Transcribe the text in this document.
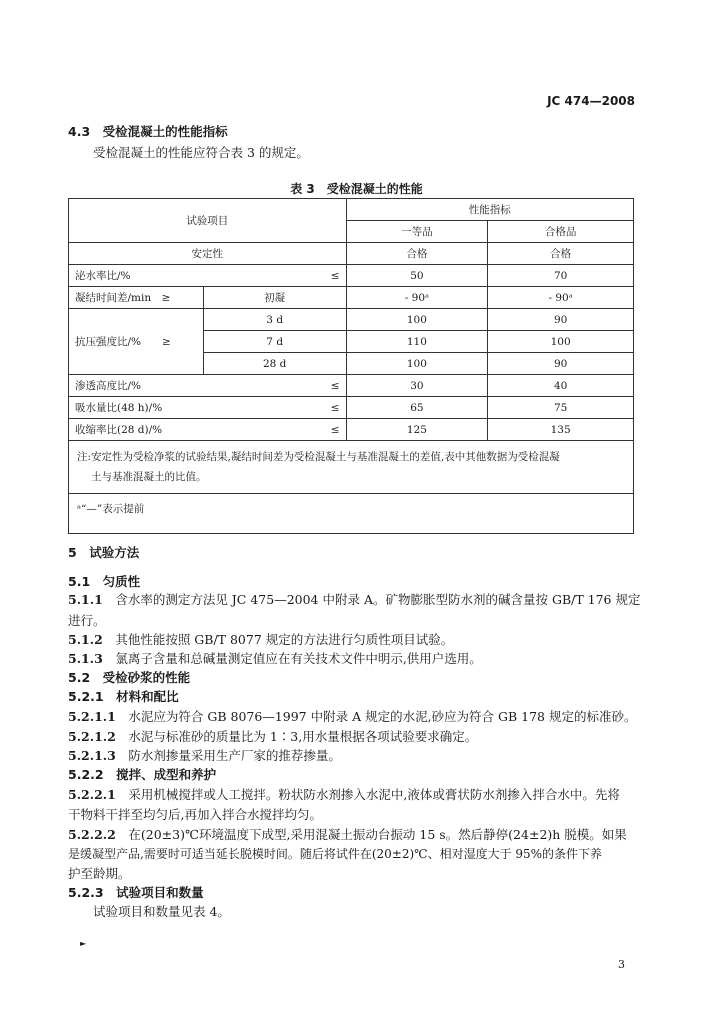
JC 474—2008
4.3　受检混凝土的性能指标
受检混凝土的性能应符合表 3 的规定。
表 3　受检混凝土的性能
试验项目		性能指标	
		一等品	合格品
安定性		合格	合格
泌水率比/%	≤	50	70
凝结时间差/min　≥	初凝	- 90ᵃ	- 90ᵃ
抗压强度比/%　　≥	3 d	100	90
	7 d	110	100
	28 d	100	90
渗透高度比/%	≤	30	40
吸水量比(48 h)/%	≤	65	75
收缩率比(28 d)/%	≤	125	135

注:安定性为受检净浆的试验结果,凝结时间差为受检混凝土与基准混凝土的差值,表中其他数据为受检混凝
土与基准混凝土的比值。			

ᵃ“—”表示提前			
5　试验方法
5.1　匀质性
5.1.1　 含水率的测定方法见 JC 475—2004 中附录 A。矿物膨胀型防水剂的碱含量按 GB/T 176 规定
进行。
5.1.2　 其他性能按照 GB/T 8077 规定的方法进行匀质性项目试验。
5.1.3　 氯离子含量和总碱量测定值应在有关技术文件中明示,供用户选用。
5.2　受检砂浆的性能
5.2.1　材料和配比
5.2.1.1　 水泥应为符合 GB 8076—1997 中附录 A 规定的水泥,砂应为符合 GB 178 规定的标准砂。
5.2.1.2　 水泥与标准砂的质量比为 1∶3,用水量根据各项试验要求确定。
5.2.1.3　 防水剂掺量采用生产厂家的推荐掺量。
5.2.2　搅拌、成型和养护
5.2.2.1　 采用机械搅拌或人工搅拌。粉状防水剂掺入水泥中,液体或膏状防水剂掺入拌合水中。先将
干物料干拌至均匀后,再加入拌合水搅拌均匀。
5.2.2.2　 在(20±3)℃环境温度下成型,采用混凝土振动台振动 15 s。然后静停(24±2)h 脱模。如果
是缓凝型产品,需要时可适当延长脱模时间。随后将试件在(20±2)℃、相对湿度大于 95%的条件下养
护至龄期。
5.2.3　试验项目和数量
试验项目和数量见表 4。
►
3
